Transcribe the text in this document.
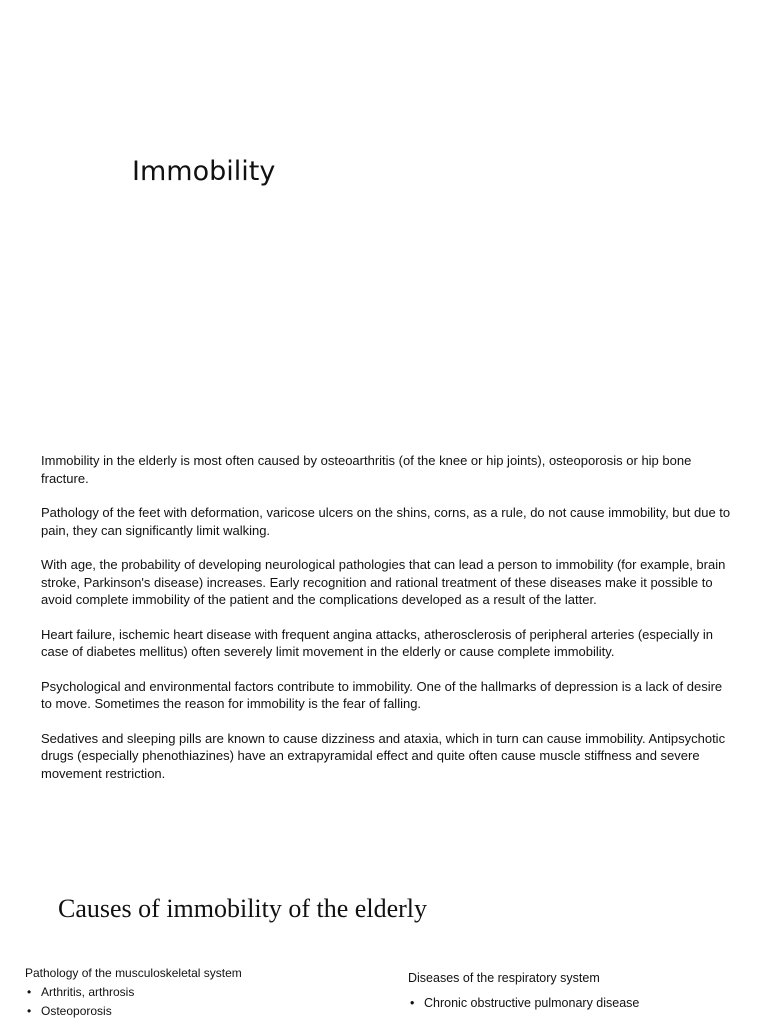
Immobility

Immobility in the elderly is most often caused by osteoarthritis (of the knee or hip joints), osteoporosis or hip bone fracture.

Pathology of the feet with deformation, varicose ulcers on the shins, corns, as a rule, do not cause immobility, but due to pain, they can significantly limit walking.

With age, the probability of developing neurological pathologies that can lead a person to immobility (for example, brain stroke, Parkinson's disease) increases. Early recognition and rational treatment of these diseases make it possible to avoid complete immobility of the patient and the complications developed as a result of the latter.

Heart failure, ischemic heart disease with frequent angina attacks, atherosclerosis of peripheral arteries (especially in case of diabetes mellitus) often severely limit movement in the elderly or cause complete immobility.

Psychological and environmental factors contribute to immobility. One of the hallmarks of depression is a lack of desire to move. Sometimes the reason for immobility is the fear of falling.

Sedatives and sleeping pills are known to cause dizziness and ataxia, which in turn can cause immobility. Antipsychotic drugs (especially phenothiazines) have an extrapyramidal effect and quite often cause muscle stiffness and severe movement restriction.

Causes of immobility of the elderly
Pathology of the musculoskeletal system
• Arthritis, arthrosis
• Osteoporosis
Diseases of the respiratory system
• Chronic obstructive pulmonary disease
